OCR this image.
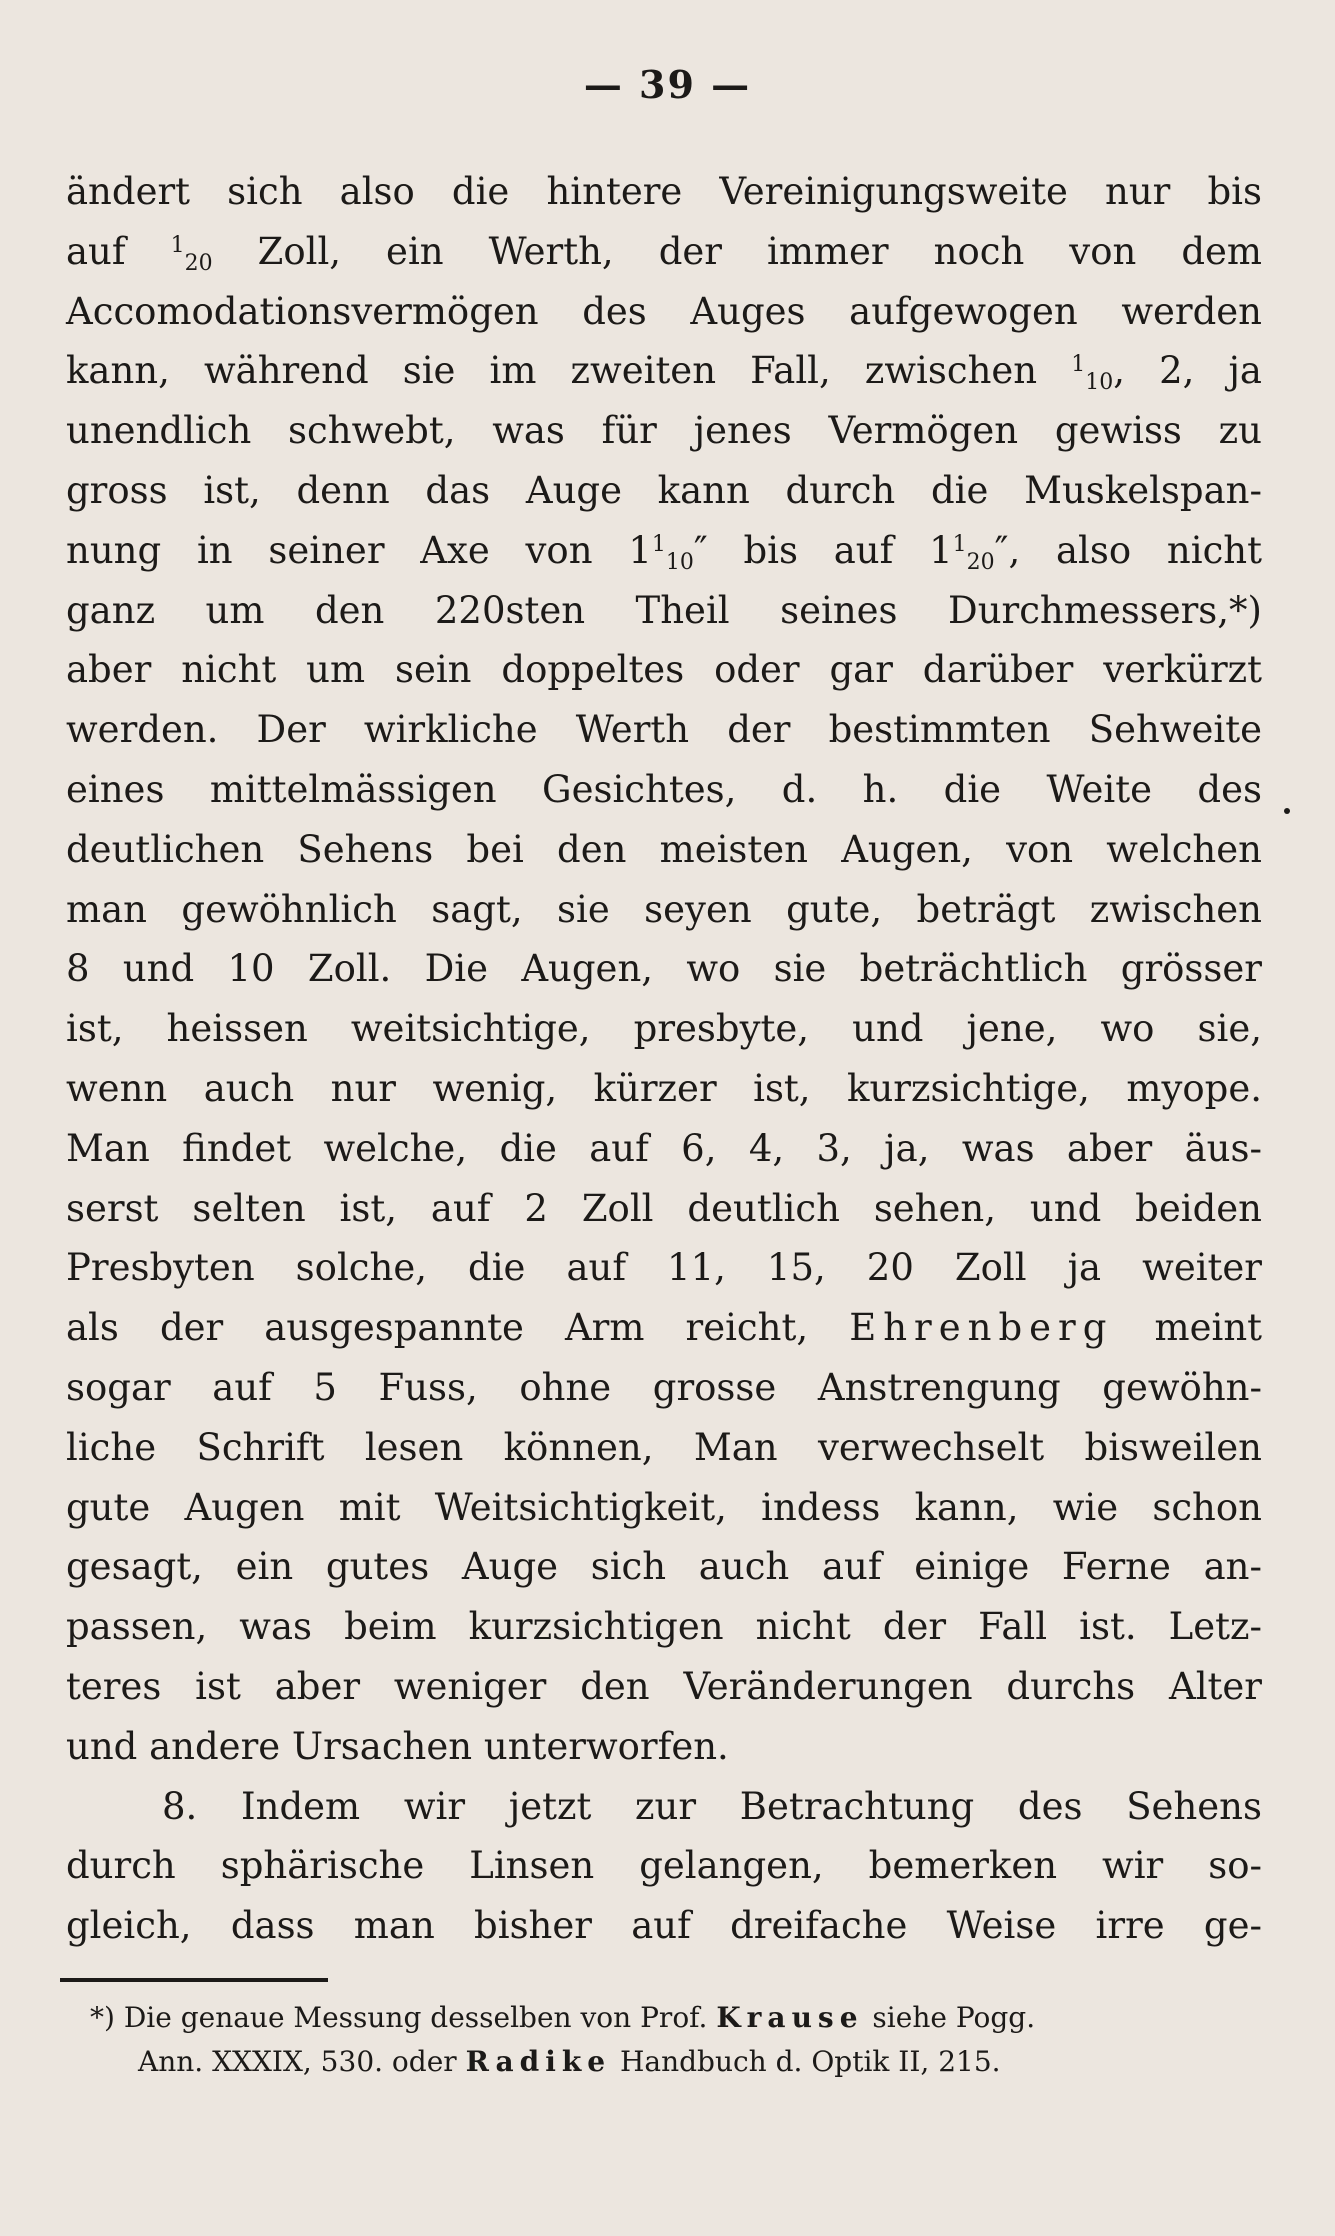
— 39 —
ändert sich also die hintere Vereinigungsweite nur bis
auf 120 Zoll, ein Werth, der immer noch von dem
Accomodationsvermögen des Auges aufgewogen werden
kann, während sie im zweiten Fall, zwischen 110, 2, ja
unendlich schwebt, was für jenes Vermögen gewiss zu
gross ist, denn das Auge kann durch die Muskelspan-
nung in seiner Axe von 1110″ bis auf 1120″, also nicht
ganz um den 220sten Theil seines Durchmessers,*)
aber nicht um sein doppeltes oder gar darüber verkürzt
werden. Der wirkliche Werth der bestimmten Sehweite
eines mittelmässigen Gesichtes, d. h. die Weite des
deutlichen Sehens bei den meisten Augen, von welchen
man gewöhnlich sagt, sie seyen gute, beträgt zwischen
8 und 10 Zoll. Die Augen, wo sie beträchtlich grösser
ist, heissen weitsichtige, presbyte, und jene, wo sie,
wenn auch nur wenig, kürzer ist, kurzsichtige, myope.
Man findet welche, die auf 6, 4, 3, ja, was aber äus-
serst selten ist, auf 2 Zoll deutlich sehen, und beiden
Presbyten solche, die auf 11, 15, 20 Zoll ja weiter
als der ausgespannte Arm reicht, Ehrenberg meint
sogar auf 5 Fuss, ohne grosse Anstrengung gewöhn-
liche Schrift lesen können, Man verwechselt bisweilen
gute Augen mit Weitsichtigkeit, indess kann, wie schon
gesagt, ein gutes Auge sich auch auf einige Ferne an-
passen, was beim kurzsichtigen nicht der Fall ist. Letz-
teres ist aber weniger den Veränderungen durchs Alter
und andere Ursachen unterworfen.
8. Indem wir jetzt zur Betrachtung des Sehens
durch sphärische Linsen gelangen, bemerken wir so-
gleich, dass man bisher auf dreifache Weise irre ge-
*) Die genaue Messung desselben von Prof. Krause siehe Pogg.
Ann. XXXIX, 530. oder Radike Handbuch d. Optik II, 215.
